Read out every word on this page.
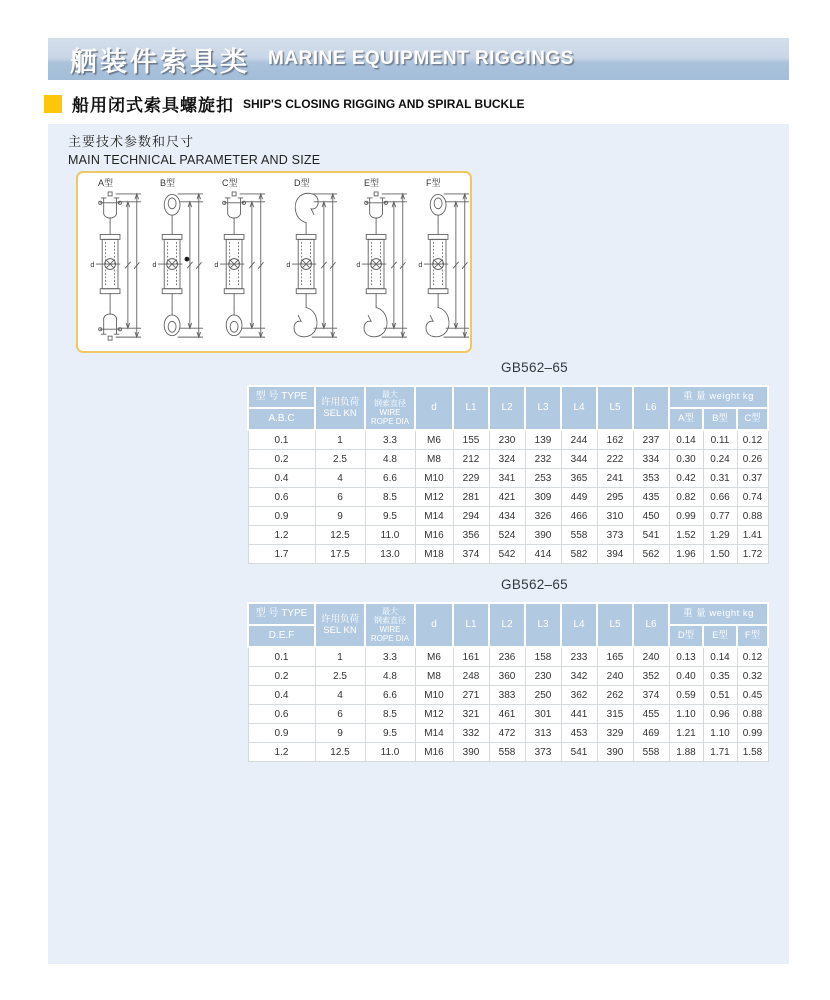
舾装件索具类 MARINE EQUIPMENT RIGGINGS
船用闭式索具螺旋扣 SHIP'S CLOSING RIGGING AND SPIRAL BUCKLE
主要技术参数和尺寸
MAIN TECHNICAL PARAMETER AND SIZE
A型
d
B型
d
C型
d
D型
d
E型
d
F型
d
GB562–65
型 号 TYPE	许用负荷
SEL KN	最大
钢索直径
WIRE
ROPE DIA	d	L1	L2	L3	L4	L5	L6	重 量 weight kg		
A.B.C										A型	B型	C型
0.1	1	3.3	M6	155	230	139	244	162	237	0.14	0.11	0.12
0.2	2.5	4.8	M8	212	324	232	344	222	334	0.30	0.24	0.26
0.4	4	6.6	M10	229	341	253	365	241	353	0.42	0.31	0.37
0.6	6	8.5	M12	281	421	309	449	295	435	0.82	0.66	0.74
0.9	9	9.5	M14	294	434	326	466	310	450	0.99	0.77	0.88
1.2	12.5	11.0	M16	356	524	390	558	373	541	1.52	1.29	1.41
1.7	17.5	13.0	M18	374	542	414	582	394	562	1.96	1.50	1.72
GB562–65
型 号 TYPE	许用负荷
SEL KN	最大
钢索直径
WIRE
ROPE DIA	d	L1	L2	L3	L4	L5	L6	重 量 weight kg		
D.E.F										D型	E型	F型
0.1	1	3.3	M6	161	236	158	233	165	240	0.13	0.14	0.12
0.2	2.5	4.8	M8	248	360	230	342	240	352	0.40	0.35	0.32
0.4	4	6.6	M10	271	383	250	362	262	374	0.59	0.51	0.45
0.6	6	8.5	M12	321	461	301	441	315	455	1.10	0.96	0.88
0.9	9	9.5	M14	332	472	313	453	329	469	1.21	1.10	0.99
1.2	12.5	11.0	M16	390	558	373	541	390	558	1.88	1.71	1.58
